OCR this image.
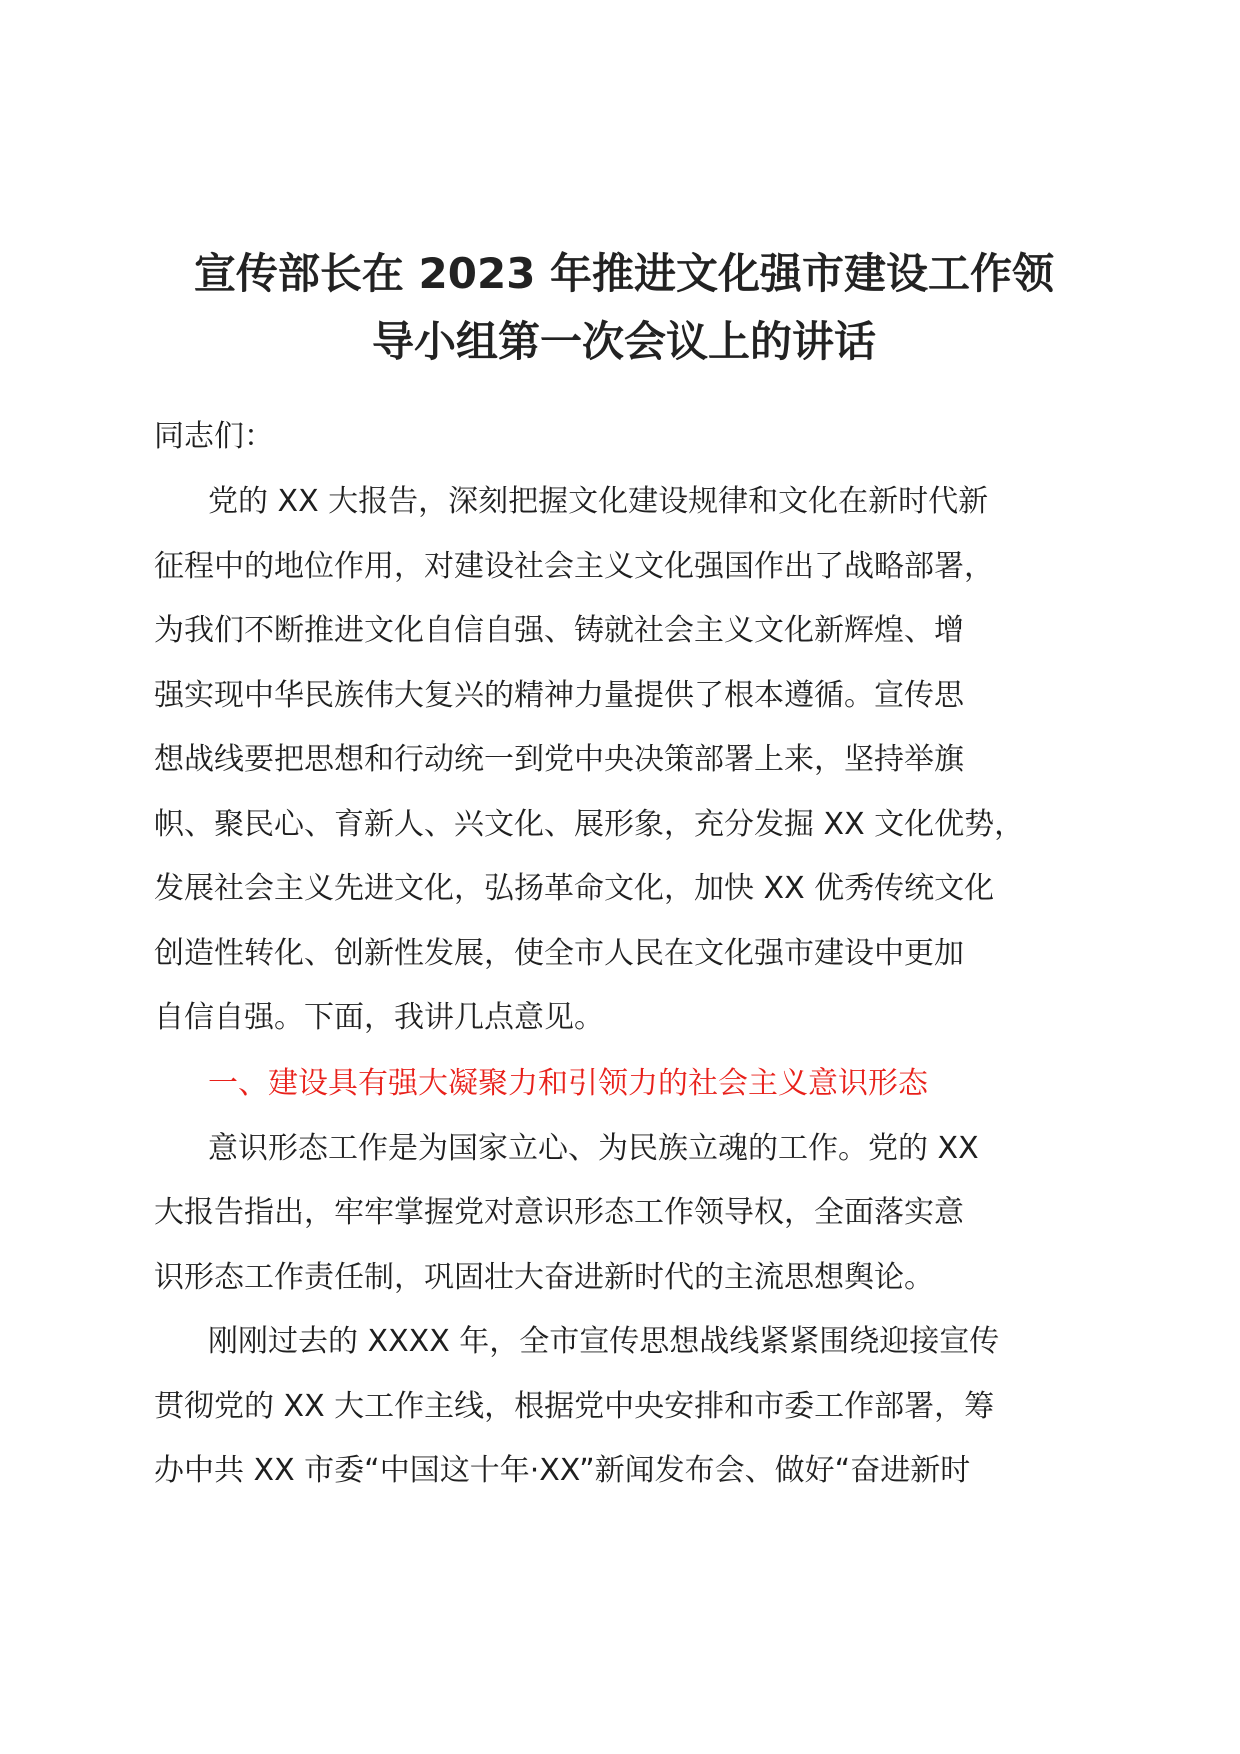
宣传部长在 2023 年推进文化强市建设工作领
导小组第一次会议上的讲话

同志们：

党的 XX 大报告，深刻把握文化建设规律和文化在新时代新
征程中的地位作用，对建设社会主义文化强国作出了战略部署，
为我们不断推进文化自信自强、铸就社会主义文化新辉煌、增
强实现中华民族伟大复兴的精神力量提供了根本遵循。宣传思
想战线要把思想和行动统一到党中央决策部署上来，坚持举旗
帜、聚民心、育新人、兴文化、展形象，充分发掘 XX 文化优势，
发展社会主义先进文化，弘扬革命文化，加快 XX 优秀传统文化
创造性转化、创新性发展，使全市人民在文化强市建设中更加
自信自强。下面，我讲几点意见。

一、建设具有强大凝聚力和引领力的社会主义意识形态

意识形态工作是为国家立心、为民族立魂的工作。党的 XX
大报告指出，牢牢掌握党对意识形态工作领导权，全面落实意
识形态工作责任制，巩固壮大奋进新时代的主流思想舆论。

刚刚过去的 XXXX 年，全市宣传思想战线紧紧围绕迎接宣传
贯彻党的 XX 大工作主线，根据党中央安排和市委工作部署，筹
办中共 XX 市委“中国这十年·XX”新闻发布会、做好“奋进新时
